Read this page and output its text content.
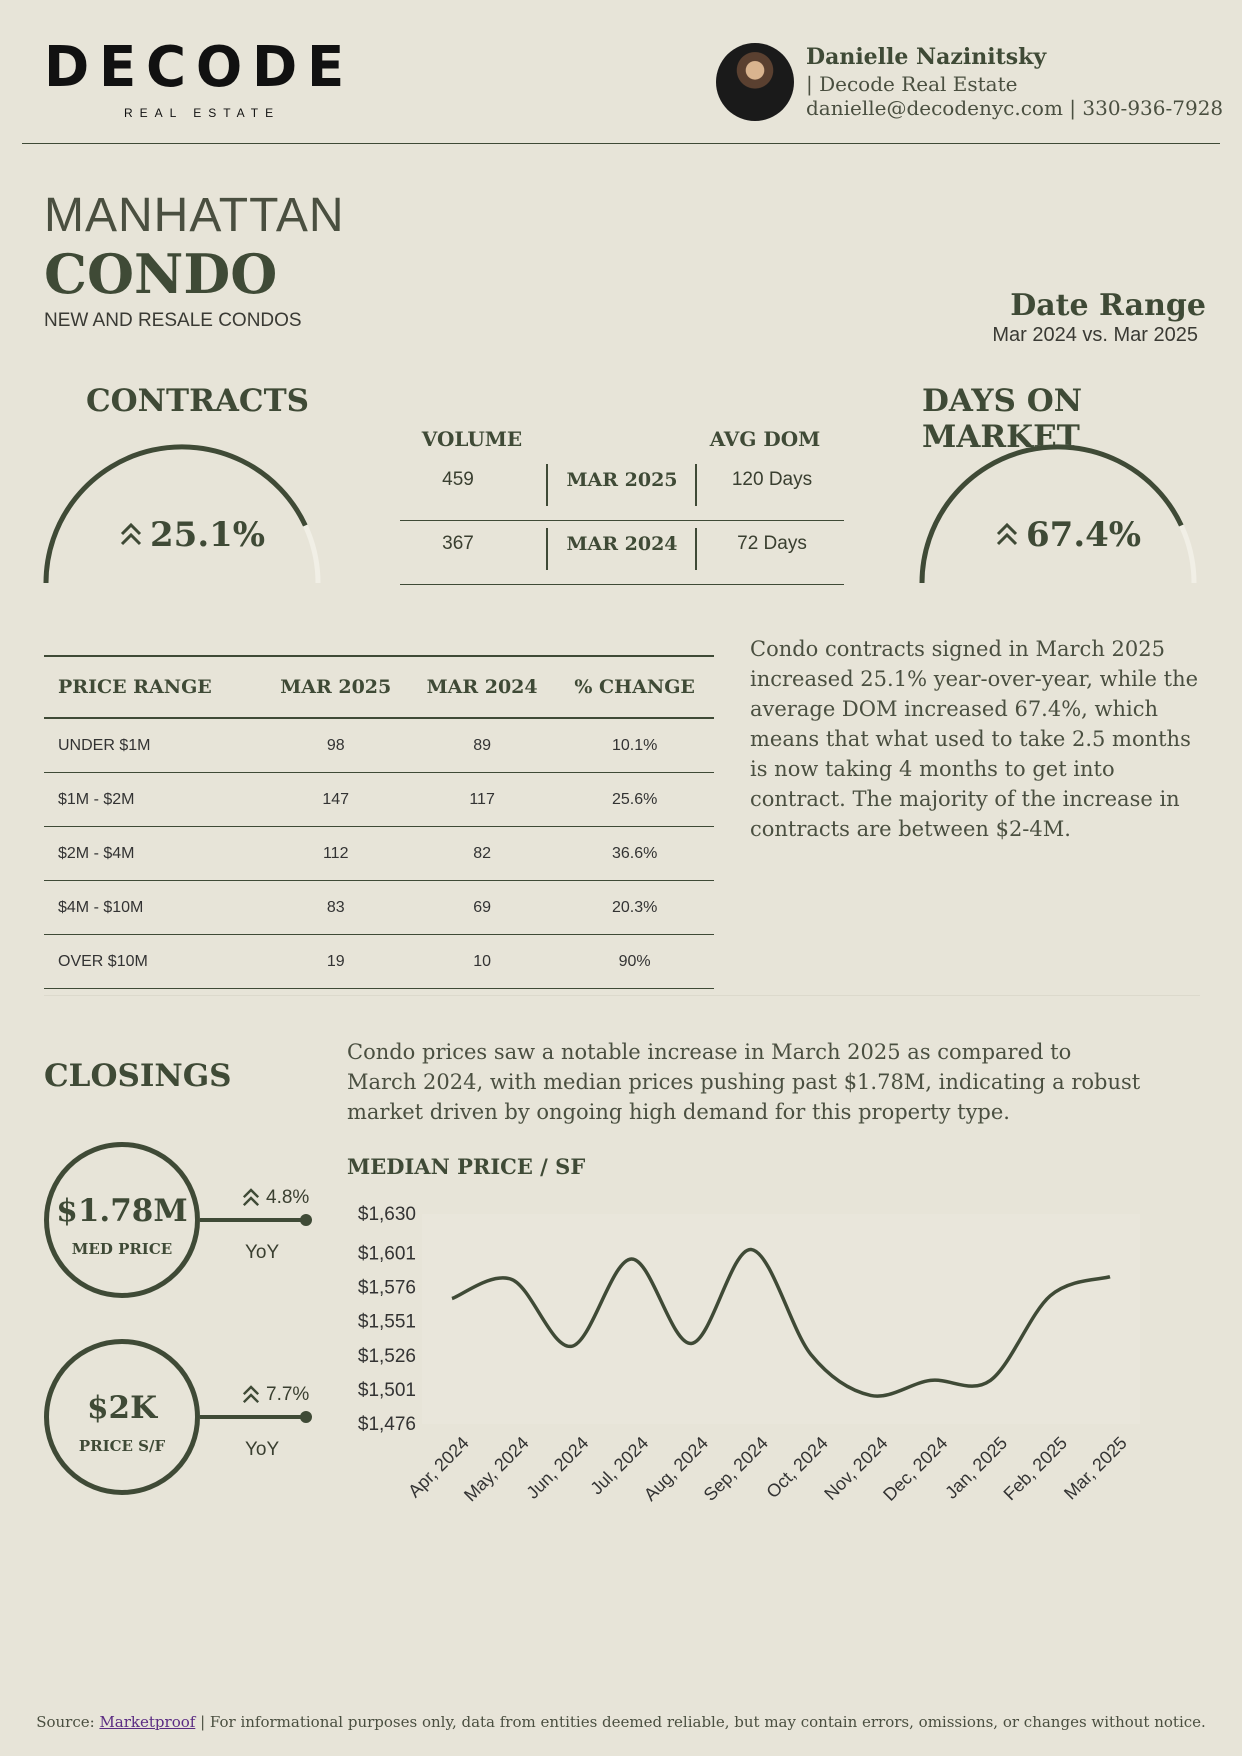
DECODE
REAL ESTATE
Danielle Nazinitsky
| Decode Real Estate
danielle@decodenyc.com | 330-936-7928
MANHATTAN
CONDO
NEW AND RESALE CONDOS	Date Range
Mar 2024 vs. Mar 2025
CONTRACTS
25.1%
VOLUME	AVG DOM
459	MAR 2025	120 Days
367	MAR 2024	72 Days
DAYS ON MARKET
67.4%
PRICE RANGE	MAR 2025	MAR 2024	% CHANGE
UNDER $1M	98	89	10.1%
$1M - $2M	147	117	25.6%
$2M - $4M	112	82	36.6%
$4M - $10M	83	69	20.3%
OVER $10M	19	10	90%
Condo contracts signed in March 2025 increased 25.1% year-over-year, while the average DOM increased 67.4%, which means that what used to take 2.5 months is now taking 4 months to get into contract. The majority of the increase in contracts are between $2-4M.
CLOSINGS
Condo prices saw a notable increase in March 2025 as compared to March 2024, with median prices pushing past $1.78M, indicating a robust market driven by ongoing high demand for this property type.
$1.78M
MED PRICE
4.8%
YoY
$2K
PRICE S/F
7.7%
YoY
MEDIAN PRICE / SF
$1,476
$1,501
$1,526
$1,551
$1,576
$1,601
$1,630
Apr, 2024
May, 2024
Jun, 2024
Jul, 2024
Aug, 2024
Sep, 2024
Oct, 2024
Nov, 2024
Dec, 2024
Jan, 2025
Feb, 2025
Mar, 2025
Source: Marketproof | For informational purposes only, data from entities deemed reliable, but may contain errors, omissions, or changes without notice.
